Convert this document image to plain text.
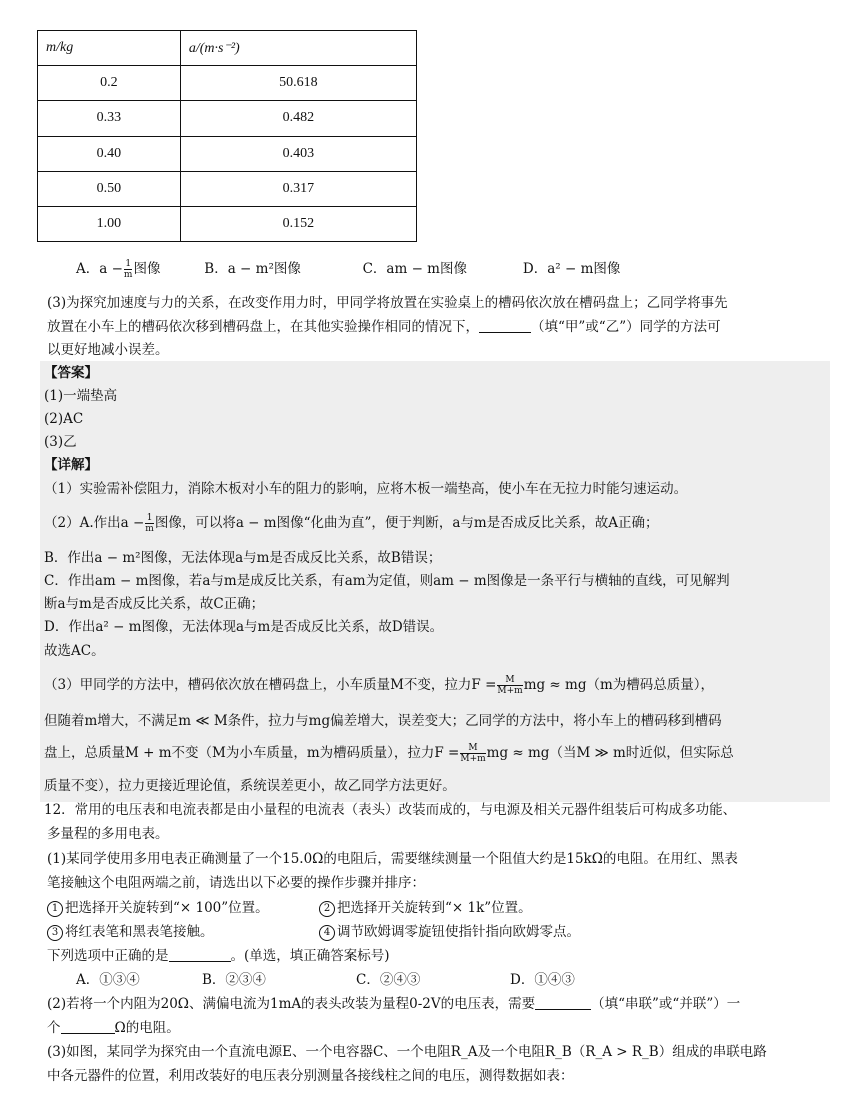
m/kg	a/(m·s⁻²)
0.2	50.618
0.33	0.482
0.40	0.403
0.50	0.317
1.00	0.152
A．$a - \frac{1}{m}$ 图像	B．a − m²图像	C．am − m图像	D．a² − m图像
(3)为探究加速度与力的关系，在改变作用力时，甲同学将放置在实验桌上的槽码依次放在槽码盘上；乙同学将事先
放置在小车上的槽码依次移到槽码盘上，在其他实验操作相同的情况下，	（填“甲”或“乙”）同学的方法可
以更好地减小误差。
【答案】
(1)一端垫高
(2)AC
(3)乙
【详解】
（1）实验需补偿阻力，消除木板对小车的阻力的影响，应将木板一端垫高，使小车在无拉力时能匀速运动。
（2）A.作出$a - \frac{1}{m}$ 图像，可以将a − m图像“化曲为直”，便于判断，a与m是否成反比关系，故A正确；
B．作出a − m²图像，无法体现a与m是否成反比关系，故B错误；
C．作出am − m图像，若a与m是成反比关系，有am为定值，则am − m图像是一条平行与横轴的直线，可见解判
断a与m是否成反比关系，故C正确；
D．作出a² − m图像，无法体现a与m是否成反比关系，故D错误。
故选AC。
（3）甲同学的方法中，槽码依次放在槽码盘上，小车质量M不变，拉力$F = \frac{M}{M+m}$ mg ≈ mg（m为槽码总质量），
但随着m增大，不满足m ≪ M条件，拉力与mg偏差增大，误差变大；乙同学的方法中，将小车上的槽码移到槽码
盘上，总质量M + m不变（M为小车质量，m为槽码质量），拉力$F = \frac{M}{M+m}$ mg ≈ mg（当M ≫ m时近似，但实际总
质量不变），拉力更接近理论值，系统误差更小，故乙同学方法更好。
12．常用的电压表和电流表都是由小量程的电流表（表头）改装而成的，与电源及相关元器件组装后可构成多功能、
多量程的多用电表。
(1)某同学使用多用电表正确测量了一个15.0Ω的电阻后，需要继续测量一个阻值大约是15kΩ的电阻。在用红、黑表
笔接触这个电阻两端之前，请选出以下必要的操作步骤并排序：
1 把选择开关旋转到“× 100”位置。	2 把选择开关旋转到“× 1k”位置。
3 将红表笔和黑表笔接触。	4 调节欧姆调零旋钮使指针指向欧姆零点。
下列选项中正确的是	。(单选，填正确答案标号)
A．①③④	B．②③④	C．②④③	D．①④③
(2)若将一个内阻为20Ω、满偏电流为1mA的表头改装为量程0-2V的电压表，需要	（填“串联”或“并联”）一
个	Ω的电阻。
(3)如图，某同学为探究由一个直流电源E、一个电容器C、一个电阻R_A及一个电阻R_B（R_A > R_B）组成的串联电路
中各元器件的位置，利用改装好的电压表分别测量各接线柱之间的电压，测得数据如表：
